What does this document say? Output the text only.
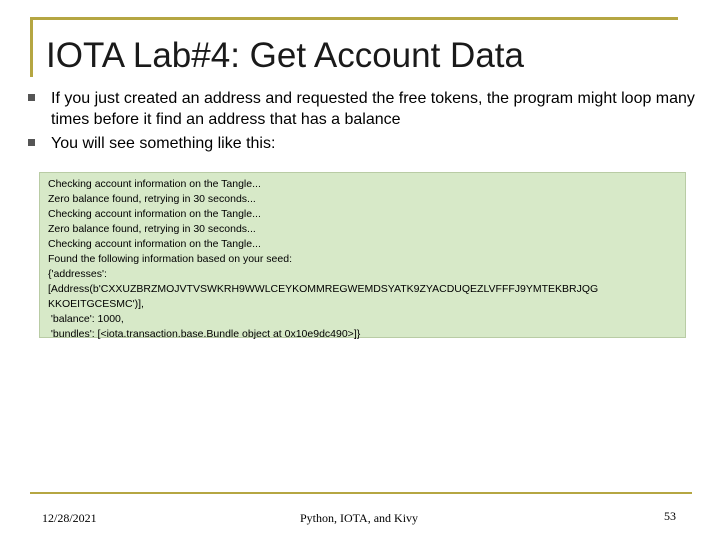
IOTA Lab#4: Get Account Data
If you just created an address and requested the free tokens, the program might loop many times before it find an address that has a balance
You will see something like this:
Checking account information on the Tangle...
Zero balance found, retrying in 30 seconds...
Checking account information on the Tangle...
Zero balance found, retrying in 30 seconds...
Checking account information on the Tangle...
Found the following information based on your seed:
{'addresses':
[Address(b'CXXUZBRZMOJVTVSWKRH9WWLCEYKOMMREGWEMDSYATK9ZYACDUQEZLVFFFJ9YMTEKBRJQG
KKOEITGCESMC')],
'balance': 1000,
'bundles': [<iota.transaction.base.Bundle object at 0x10e9dc490>]}
12/28/2021	Python, IOTA, and Kivy	53
